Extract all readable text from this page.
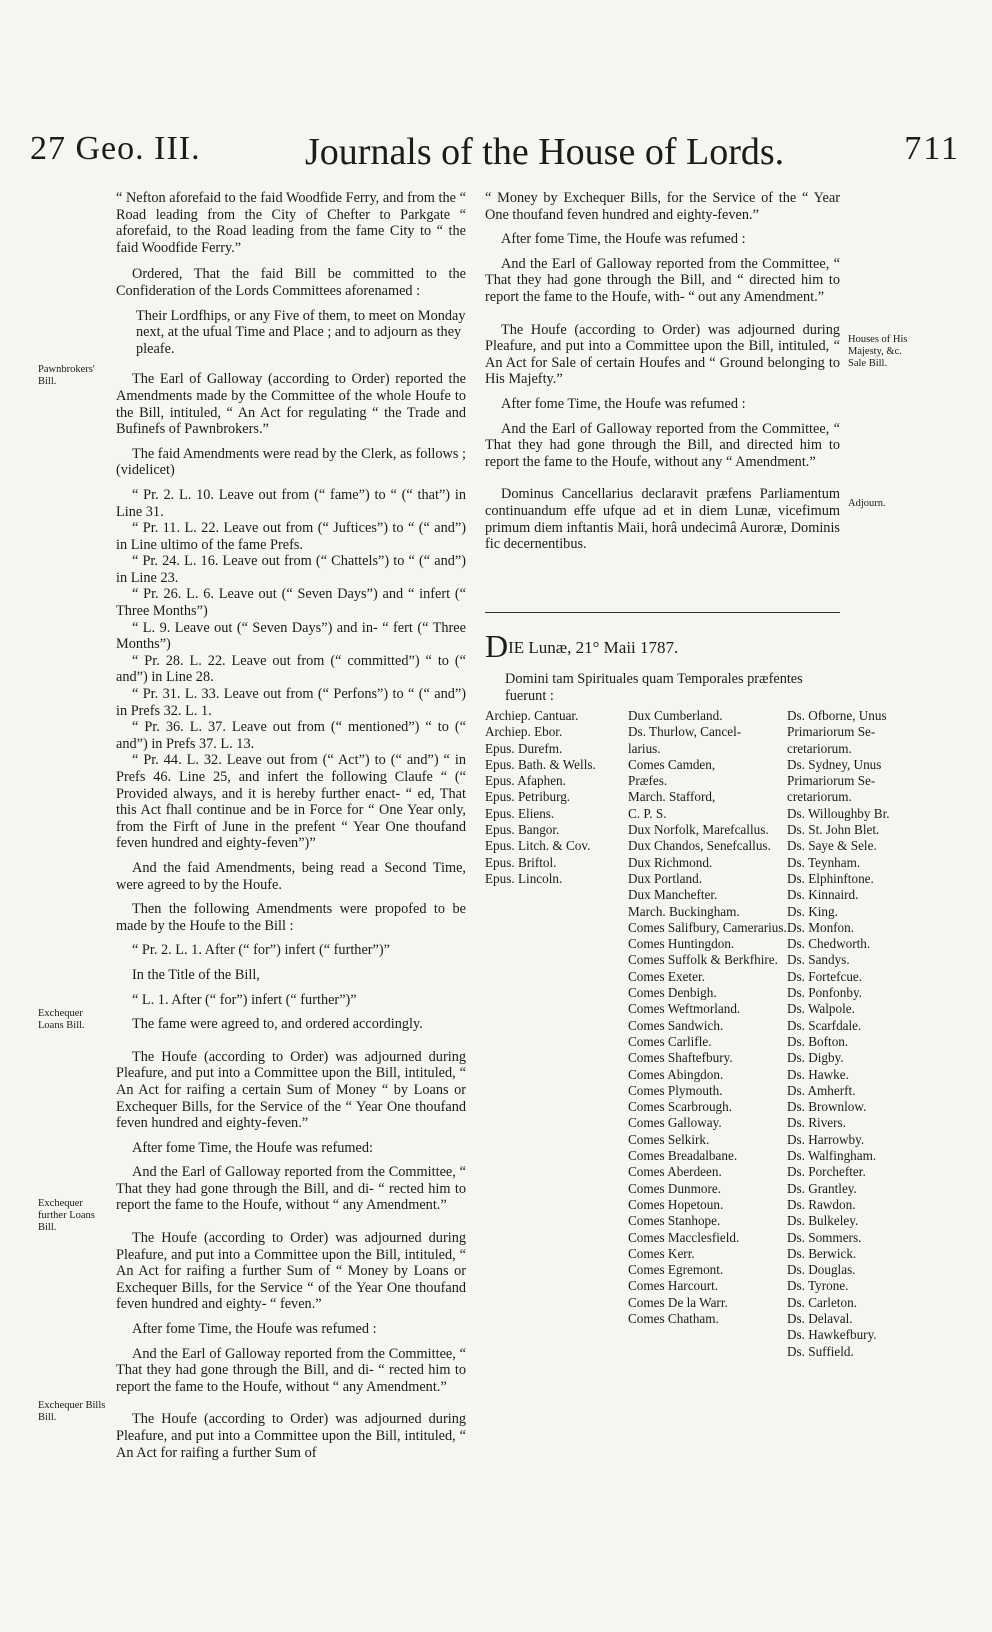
27 Geo. III.	Journals of the House of Lords.	711
Pawnbrokers' Bill.
Exchequer Loans Bill.
Exchequer further Loans Bill.
Exchequer Bills Bill.
Houses of His Majesty, &c. Sale Bill.
Adjourn.

“ Nefton aforefaid to the faid Woodfide Ferry, and from the “ Road leading from the City of Chefter to Parkgate “ aforefaid, to the Road leading from the fame City to “ the faid Woodfide Ferry.”

Ordered, That the faid Bill be committed to the Confideration of the Lords Committees aforenamed :

Their Lordfhips, or any Five of them, to meet on Monday next, at the ufual Time and Place ; and to adjourn as they pleafe.

The Earl of Galloway (according to Order) reported the Amendments made by the Committee of the whole Houfe to the Bill, intituled, “ An Act for regulating “ the Trade and Bufinefs of Pawnbrokers.”

The faid Amendments were read by the Clerk, as follows ; (videlicet)

“ Pr. 2. L. 10. Leave out from (“ fame”) to “ (“ that”) in Line 31.

“ Pr. 11. L. 22. Leave out from (“ Juftices”) to “ (“ and”) in Line ultimo of the fame Prefs.

“ Pr. 24. L. 16. Leave out from (“ Chattels”) to “ (“ and”) in Line 23.

“ Pr. 26. L. 6. Leave out (“ Seven Days”) and “ infert (“ Three Months”)

“ L. 9. Leave out (“ Seven Days”) and in- “ fert (“ Three Months”)

“ Pr. 28. L. 22. Leave out from (“ committed”) “ to (“ and”) in Line 28.

“ Pr. 31. L. 33. Leave out from (“ Perfons”) to “ (“ and”) in Prefs 32. L. 1.

“ Pr. 36. L. 37. Leave out from (“ mentioned”) “ to (“ and”) in Prefs 37. L. 13.

“ Pr. 44. L. 32. Leave out from (“ Act”) to (“ and”) “ in Prefs 46. Line 25, and infert the following Claufe “ (“ Provided always, and it is hereby further enact- “ ed, That this Act fhall continue and be in Force for “ One Year only, from the Firft of June in the prefent “ Year One thoufand feven hundred and eighty-feven”)”

And the faid Amendments, being read a Second Time, were agreed to by the Houfe.

Then the following Amendments were propofed to be made by the Houfe to the Bill :

“ Pr. 2. L. 1. After (“ for”) infert (“ further”)”

In the Title of the Bill,

“ L. 1. After (“ for”) infert (“ further”)”

The fame were agreed to, and ordered accordingly.

The Houfe (according to Order) was adjourned during Pleafure, and put into a Committee upon the Bill, intituled, “ An Act for raifing a certain Sum of Money “ by Loans or Exchequer Bills, for the Service of the “ Year One thoufand feven hundred and eighty-feven.”

After fome Time, the Houfe was refumed:

And the Earl of Galloway reported from the Committee, “ That they had gone through the Bill, and di- “ rected him to report the fame to the Houfe, without “ any Amendment.”

The Houfe (according to Order) was adjourned during Pleafure, and put into a Committee upon the Bill, intituled, “ An Act for raifing a further Sum of “ Money by Loans or Exchequer Bills, for the Service “ of the Year One thoufand feven hundred and eighty- “ feven.”

After fome Time, the Houfe was refumed :

And the Earl of Galloway reported from the Committee, “ That they had gone through the Bill, and di- “ rected him to report the fame to the Houfe, without “ any Amendment.”

The Houfe (according to Order) was adjourned during Pleafure, and put into a Committee upon the Bill, intituled, “ An Act for raifing a further Sum of

“ Money by Exchequer Bills, for the Service of the “ Year One thoufand feven hundred and eighty-feven.”

After fome Time, the Houfe was refumed :

And the Earl of Galloway reported from the Committee, “ That they had gone through the Bill, and “ directed him to report the fame to the Houfe, with- “ out any Amendment.”

The Houfe (according to Order) was adjourned during Pleafure, and put into a Committee upon the Bill, intituled, “ An Act for Sale of certain Houfes and “ Ground belonging to His Majefty.”

After fome Time, the Houfe was refumed :

And the Earl of Galloway reported from the Committee, “ That they had gone through the Bill, and directed him to report the fame to the Houfe, without any “ Amendment.”

Dominus Cancellarius declaravit præfens Parliamentum continuandum effe ufque ad et in diem Lunæ, vicefimum primum diem inftantis Maii, horâ undecimâ Auroræ, Dominis fic decernentibus.

DIE Lunæ, 21° Maii 1787.

Domini tam Spirituales quam Temporales præfentes fuerunt :

Archiep. Cantuar.
Archiep. Ebor.
Epus. Durefm.
Epus. Bath. & Wells.
Epus. Afaphen.
Epus. Petriburg.
Epus. Eliens.
Epus. Bangor.
Epus. Litch. & Cov.
Epus. Briftol.
Epus. Lincoln.
Dux Cumberland.
Ds. Thurlow, Cancel-
larius.
Comes Camden,
Præfes.
March. Stafford,
C. P. S.
Dux Norfolk, Marefcallus.
Dux Chandos, Senefcallus.
Dux Richmond.
Dux Portland.
Dux Manchefter.
March. Buckingham.
Comes Salifbury, Camerarius.
Comes Huntingdon.
Comes Suffolk & Berkfhire.
Comes Exeter.
Comes Denbigh.
Comes Weftmorland.
Comes Sandwich.
Comes Carlifle.
Comes Shaftefbury.
Comes Abingdon.
Comes Plymouth.
Comes Scarbrough.
Comes Galloway.
Comes Selkirk.
Comes Breadalbane.
Comes Aberdeen.
Comes Dunmore.
Comes Hopetoun.
Comes Stanhope.
Comes Macclesfield.
Comes Kerr.
Comes Egremont.
Comes Harcourt.
Comes De la Warr.
Comes Chatham.
Ds. Ofborne, Unus
Primariorum Se-
cretariorum.
Ds. Sydney, Unus
Primariorum Se-
cretariorum.
Ds. Willoughby Br.
Ds. St. John Blet.
Ds. Saye & Sele.
Ds. Teynham.
Ds. Elphinftone.
Ds. Kinnaird.
Ds. King.
Ds. Monfon.
Ds. Chedworth.
Ds. Sandys.
Ds. Fortefcue.
Ds. Ponfonby.
Ds. Walpole.
Ds. Scarfdale.
Ds. Bofton.
Ds. Digby.
Ds. Hawke.
Ds. Amherft.
Ds. Brownlow.
Ds. Rivers.
Ds. Harrowby.
Ds. Walfingham.
Ds. Porchefter.
Ds. Grantley.
Ds. Rawdon.
Ds. Bulkeley.
Ds. Sommers.
Ds. Berwick.
Ds. Douglas.
Ds. Tyrone.
Ds. Carleton.
Ds. Delaval.
Ds. Hawkefbury.
Ds. Suffield.
